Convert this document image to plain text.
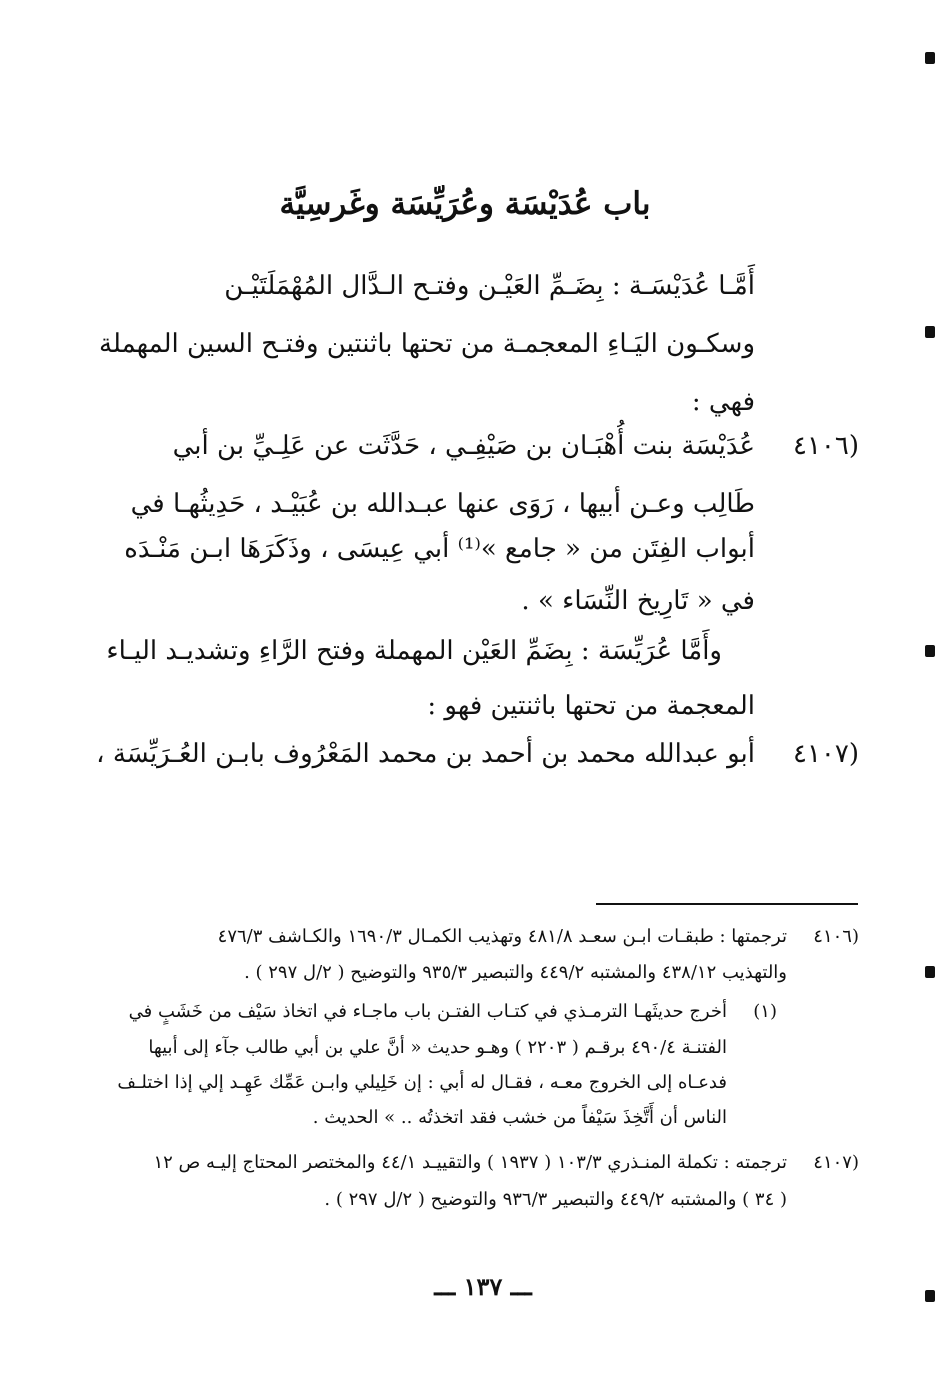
باب عُدَيْسَة وعُرَيِّسَة وغَرسِيَّة
أَمَّـا عُدَيْسَـة : بِضَـمِّ العَيْـن وفتـح الـدَّال المُهْمَلَتَيْـن
وسكـون اليَـاءِ المعجمـة من تحتها باثنتين وفتـح السين المهملة
فهي :
(٤١٠٦
عُدَيْسَة بنت أُهْبَـان بن صَيْفِـي ، حَدَّثَت عن عَلِـيِّ بن أبي
طَالِب وعـن أبيها ، رَوَى عنها عبـدالله بن عُبَيْـد ، حَدِيثُهـا في
أبواب الفِتَن من « جامع »⁽¹⁾ أبي عِيسَى ، وذَكَرَهَا ابـن مَنْـدَه
في « تَارِيخ النِّسَاء » .
وأَمَّا عُرَيِّسَة : بِضَمِّ العَيْن المهملة وفتح الرَّاءِ وتشديـد اليـاء
المعجمة من تحتها باثنتين فهو :
(٤١٠٧
أبو عبدالله محمد بن أحمد بن محمد المَعْرُوف بابـن العُـرَيِّسَة ،
(٤١٠٦
ترجمتها : طبقـات ابـن سعـد ٤٨١/٨ وتهذيب الكمـال ١٦٩٠/٣ والكـاشف ٤٧٦/٣
والتهذيب ٤٣٨/١٢ والمشتبه ٤٤٩/٢ والتبصير ٩٣٥/٣ والتوضيح ( ٢/ل ٢٩٧ ) .
(١)
أخرج حديثَهـا الترمـذي في كتـاب الفتـن باب ماجـاء في اتخاذ سَيْف من خَشَبٍ في
الفتنـة ٤٩٠/٤ برقـم ( ٢٢٠٣ ) وهـو حديث « أنَّ علي بن أبي طالب جآء إلى أبيها
فدعـاه إلى الخروج معـه ، فقـال له أبي : إن خَلِيلي وابـن عَمِّك عَهِـد إلي إذا اختلـف
الناس أن أَتَّخِذَ سَيْفاً من خشب فقد اتخذتُه .. » الحديث .
(٤١٠٧
ترجمته : تكملة المنـذري ١٠٣/٣ ( ١٩٣٧ ) والتقييـد ٤٤/١ والمختصر المحتاج إليـه ص ١٢
( ٣٤ ) والمشتبه ٤٤٩/٢ والتبصير ٩٣٦/٣ والتوضيح ( ٢/ل ٢٩٧ ) .
ـــ ١٣٧ ـــ
